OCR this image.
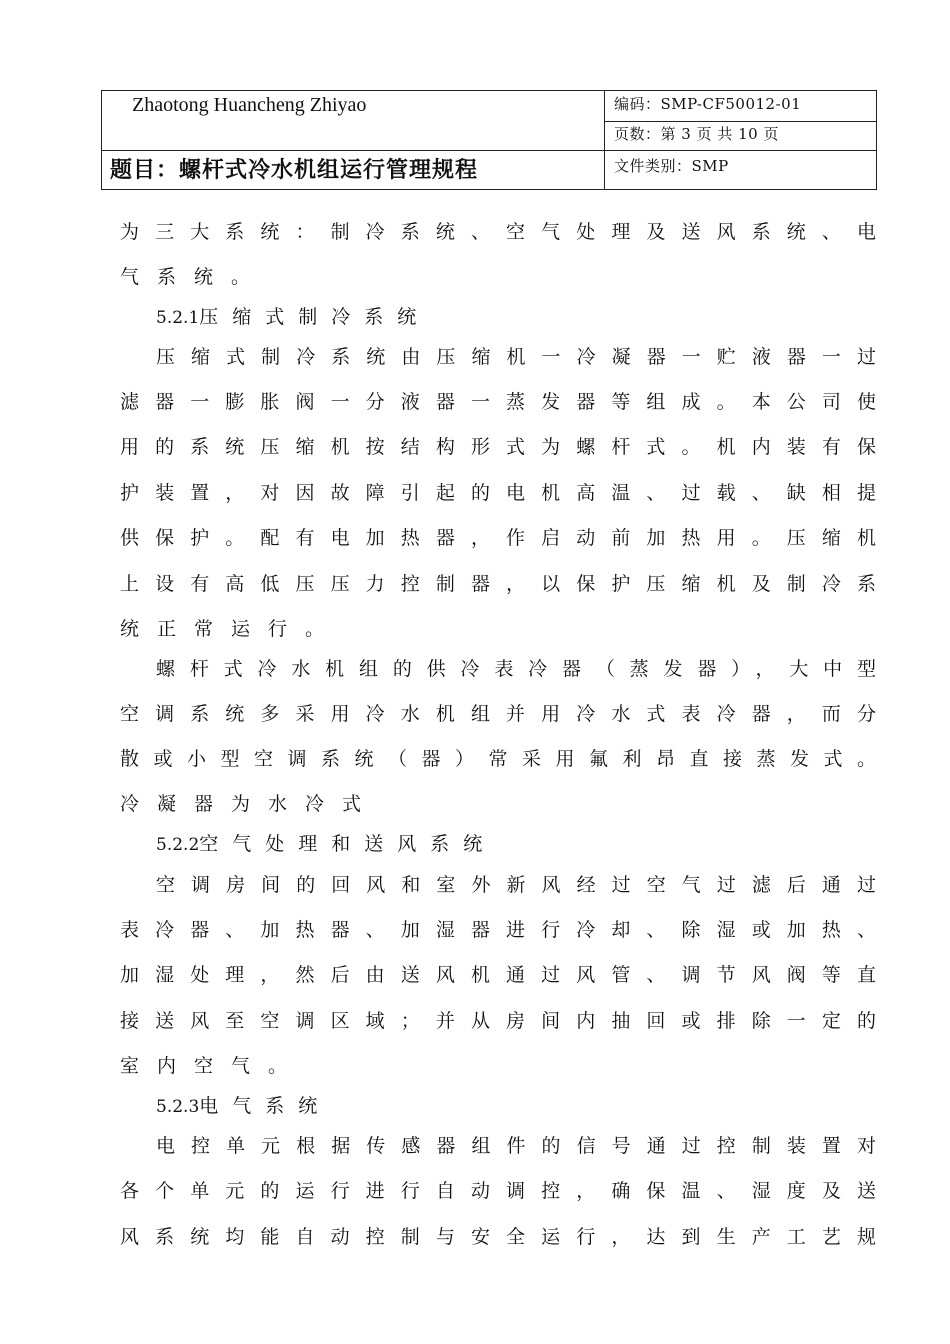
Zhaotong Huancheng Zhiyao
题目：螺杆式冷水机组运行管理规程
编码：SMP-CF50012-01
页数：第 3 页 共 10 页
文件类别：SMP
为三大系统：制冷系统、空气处理及送风系统、电
气系统。
5.2.1压缩式制冷系统
压缩式制冷系统由压缩机一冷凝器一贮液器一过
滤器一膨胀阀一分液器一蒸发器等组成。本公司使
用的系统压缩机按结构形式为螺杆式。机内装有保
护装置，对因故障引起的电机高温、过载、缺相提
供保护。配有电加热器，作启动前加热用。压缩机
上设有高低压压力控制器，以保护压缩机及制冷系
统正常运行。
螺杆式冷水机组的供冷表冷器（蒸发器），大中型
空调系统多采用冷水机组并用冷水式表冷器，而分
散或小型空调系统（器）常采用氟利昂直接蒸发式。
冷凝器为水冷式
5.2.2空气处理和送风系统
空调房间的回风和室外新风经过空气过滤后通过
表冷器、加热器、加湿器进行冷却、除湿或加热、
加湿处理，然后由送风机通过风管、调节风阀等直
接送风至空调区域；并从房间内抽回或排除一定的
室内空气。
5.2.3电气系统
电控单元根据传感器组件的信号通过控制装置对
各个单元的运行进行自动调控，确保温、湿度及送
风系统均能自动控制与安全运行，达到生产工艺规
